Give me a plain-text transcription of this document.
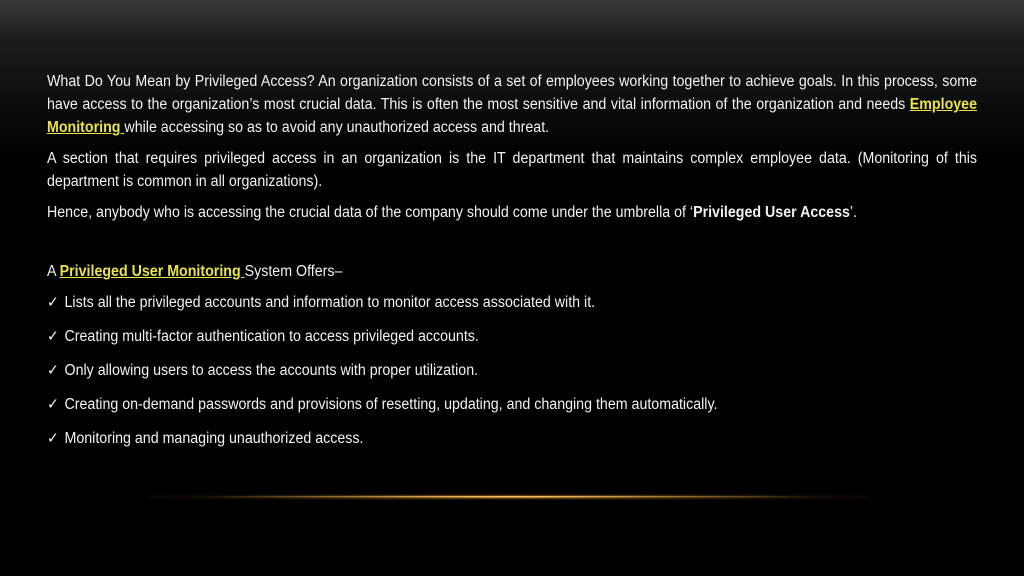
What Do You Mean by Privileged Access? An organization consists of a set of employees working together to achieve goals. In this process, some have access to the organization’s most crucial data. This is often the most sensitive and vital information of the organization and needs Employee Monitoring while accessing so as to avoid any unauthorized access and threat.

A section that requires privileged access in an organization is the IT department that maintains complex employee data. (Monitoring of this department is common in all organizations).

Hence, anybody who is accessing the crucial data of the company should come under the umbrella of ‘Privileged User Access’.

A Privileged User Monitoring System Offers–

✓ Lists all the privileged accounts and information to monitor access associated with it.

✓ Creating multi-factor authentication to access privileged accounts.

✓ Only allowing users to access the accounts with proper utilization.

✓ Creating on-demand passwords and provisions of resetting, updating, and changing them automatically.

✓ Monitoring and managing unauthorized access.
